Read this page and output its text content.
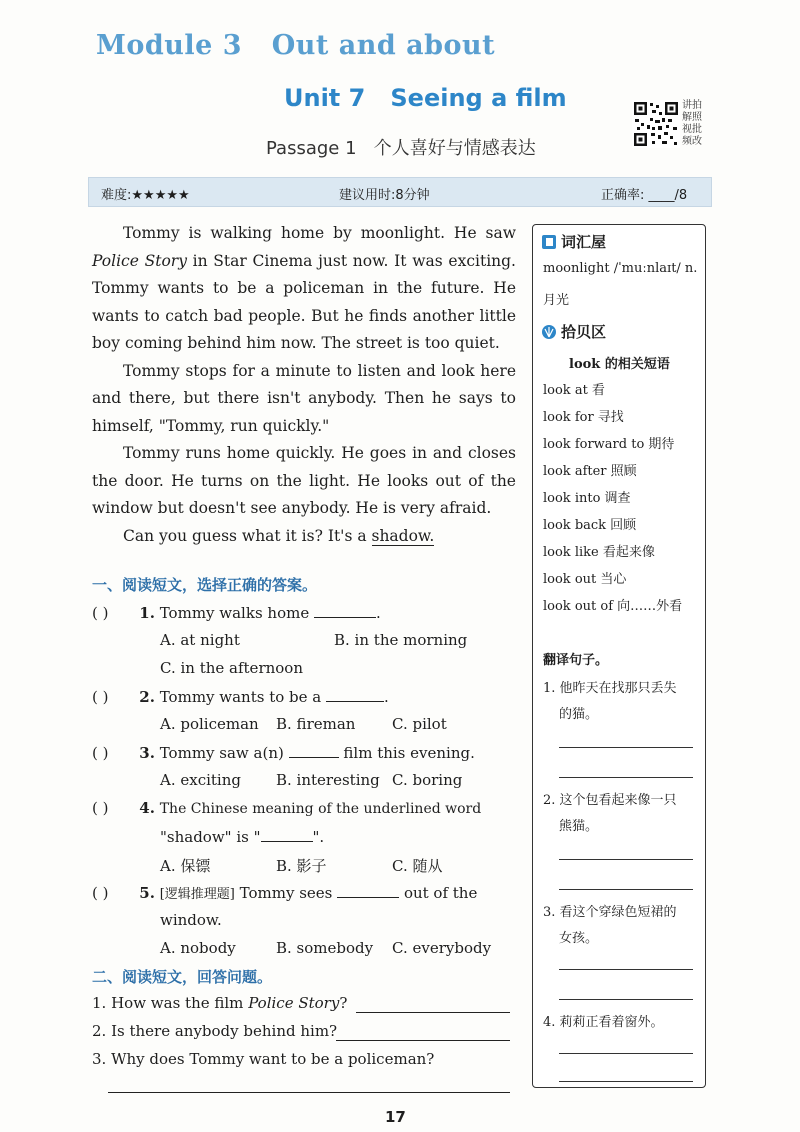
Module 3   Out and about
Unit 7   Seeing a film
Passage 1   个人喜好与情感表达
讲拍解照视批频改
难度:★★★★★	建议用时:8分钟	正确率: ____/8

Tommy is walking home by moonlight. He saw Police Story in Star Cinema just now. It was exciting. Tommy wants to be a policeman in the future. He wants to catch bad people. But he finds another little boy coming behind him now. The street is too quiet.

Tommy stops for a minute to listen and look here and there, but there isn't anybody. Then he says to himself, "Tommy, run quickly."

Tommy runs home quickly. He goes in and closes the door. He turns on the light. He looks out of the window but doesn't see anybody. He is very afraid.

Can you guess what it is? It's a shadow.

一、阅读短文，选择正确的答案。
( ) 1. Tommy walks home	.
A. at night	B. in the morning
C. in the afternoon
( ) 2. Tommy wants to be a	.
A. policeman B. fireman C. pilot
( ) 3. Tommy saw a(n)	film this evening.
A. exciting B. interesting C. boring
( ) 4. The Chinese meaning of the underlined word
"shadow" is "	".
A. 保镖	B. 影子	C. 随从
( ) 5. [逻辑推理题] Tommy sees	out of the
window.
A. nobody	B. somebody C. everybody
二、阅读短文，回答问题。
1. How was the film Police Story?
2. Is there anybody behind him?
3. Why does Tommy want to be a policeman?
词汇屋
moonlight /ˈmuːnlaɪt/ n.
月光
拾贝区
look 的相关短语
look at 看
look for 寻找
look forward to 期待
look after 照顾
look into 调查
look back 回顾
look like 看起来像
look out 当心
look out of 向……外看
翻译句子。
1. 他昨天在找那只丢失
的猫。
2. 这个包看起来像一只
熊猫。
3. 看这个穿绿色短裙的
女孩。
4. 莉莉正看着窗外。
17
